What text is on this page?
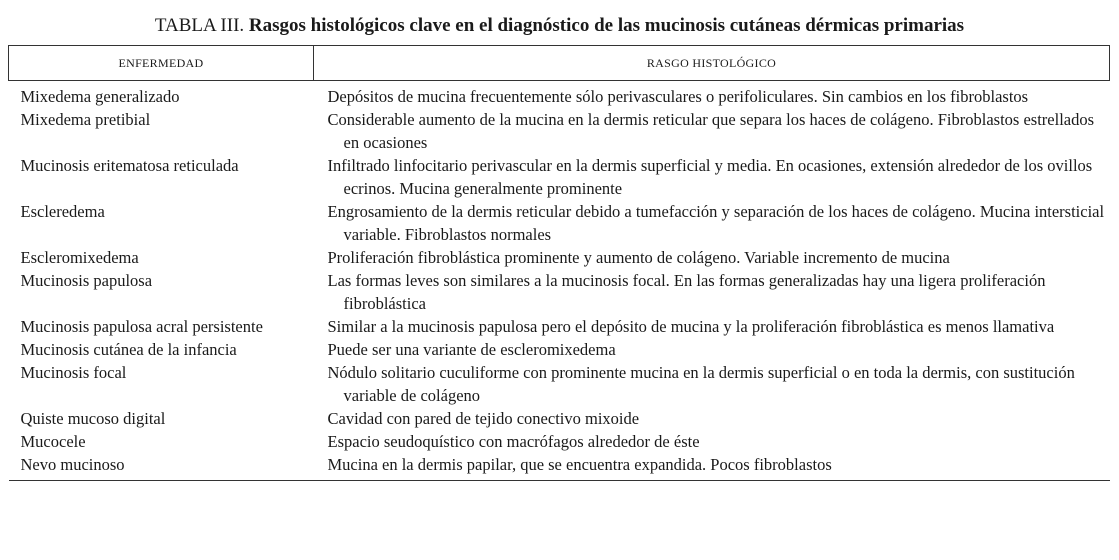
TABLA III. Rasgos histológicos clave en el diagnóstico de las mucinosis cutáneas dérmicas primarias
ENFERMEDAD	RASGO HISTOLÓGICO
Mixedema generalizado	Depósitos de mucina frecuentemente sólo perivasculares o perifoliculares. Sin cambios en los fibroblastos

Mixedema pretibial	Considerable aumento de la mucina en la dermis reticular que separa los haces de colágeno. Fibroblastos estrellados en ocasiones

Mucinosis eritematosa reticulada	Infiltrado linfocitario perivascular en la dermis superficial y media. En ocasiones, extensión alrededor de los ovillos ecrinos. Mucina generalmente prominente

Escleredema	Engrosamiento de la dermis reticular debido a tumefacción y separación de los haces de colágeno. Mucina intersticial variable. Fibroblastos normales

Escleromixedema	Proliferación fibroblástica prominente y aumento de colágeno. Variable incremento de mucina

Mucinosis papulosa	Las formas leves son similares a la mucinosis focal. En las formas generalizadas hay una ligera proliferación fibroblástica

Mucinosis papulosa acral persistente	Similar a la mucinosis papulosa pero el depósito de mucina y la proliferación fibroblástica es menos llamativa

Mucinosis cutánea de la infancia	Puede ser una variante de escleromixedema

Mucinosis focal	Nódulo solitario cuculiforme con prominente mucina en la dermis superficial o en toda la dermis, con sustitución variable de colágeno

Quiste mucoso digital	Cavidad con pared de tejido conectivo mixoide

Mucocele	Espacio seudoquístico con macrófagos alrededor de éste

Nevo mucinoso	Mucina en la dermis papilar, que se encuentra expandida. Pocos fibroblastos
